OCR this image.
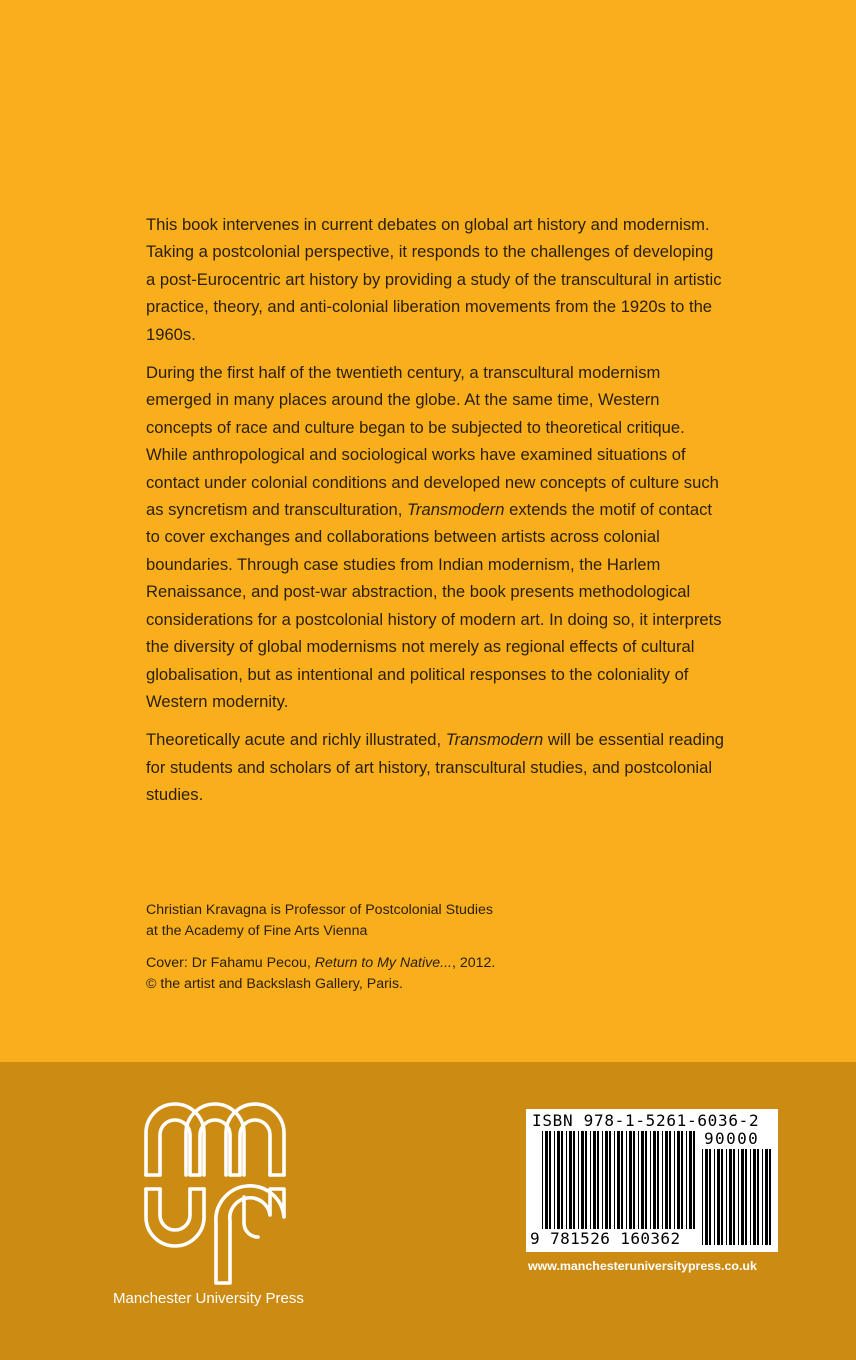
This book intervenes in current debates on global art history and modernism. Taking a postcolonial perspective, it responds to the challenges of developing a post-Eurocentric art history by providing a study of the transcultural in artistic practice, theory, and anti-colonial liberation movements from the 1920s to the 1960s.

During the first half of the twentieth century, a transcultural modernism emerged in many places around the globe. At the same time, Western concepts of race and culture began to be subjected to theoretical critique. While anthropological and sociological works have examined situations of contact under colonial conditions and developed new concepts of culture such as syncretism and transculturation, Transmodern extends the motif of contact to cover exchanges and collaborations between artists across colonial boundaries. Through case studies from Indian modernism, the Harlem Renaissance, and post-war abstraction, the book presents methodological considerations for a postcolonial history of modern art. In doing so, it interprets the diversity of global modernisms not merely as regional effects of cultural globalisation, but as intentional and political responses to the coloniality of Western modernity.

Theoretically acute and richly illustrated, Transmodern will be essential reading for students and scholars of art history, transcultural studies, and postcolonial studies.

Christian Kravagna is Professor of Postcolonial Studies
at the Academy of Fine Arts Vienna

Cover: Dr Fahamu Pecou, Return to My Native..., 2012.
© the artist and Backslash Gallery, Paris.

Manchester University Press
ISBN 978-1-5261-6036-2
90000
9 781526 160362
www.manchesteruniversitypress.co.uk
